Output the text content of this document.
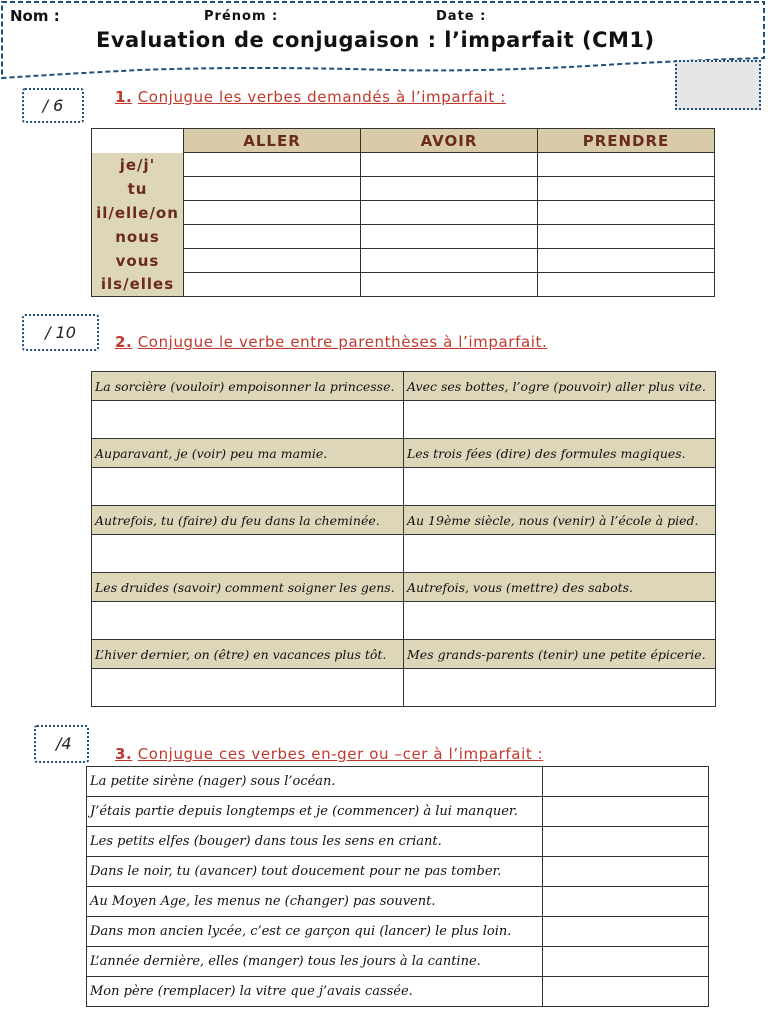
Nom :	Prénom :	Date :
Evaluation de conjugaison : l’imparfait (CM1)
/ 6	1. Conjugue les verbes demandés à l’imparfait :
	ALLER	AVOIR	PRENDRE
je/j'			
tu			
il/elle/on			
nous			
vous			
ils/elles			
/ 10	2. Conjugue le verbe entre parenthèses à l’imparfait.
La sorcière (vouloir) empoisonner la princesse.	Avec ses bottes, l’ogre (pouvoir) aller plus vite.

Auparavant, je (voir) peu ma mamie.	Les trois fées (dire) des formules magiques.

Autrefois, tu (faire) du feu dans la cheminée.	Au 19ème siècle, nous (venir) à l’école à pied.

Les druides (savoir) comment soigner les gens.	Autrefois, vous (mettre) des sabots.

L’hiver dernier, on (être) en vacances plus tôt.	Mes grands-parents (tenir) une petite épicerie.

/4
3. Conjugue ces verbes en-ger ou –cer à l’imparfait :
La petite sirène (nager) sous l’océan.	
J’étais partie depuis longtemps et je (commencer) à lui manquer.	
Les petits elfes (bouger) dans tous les sens en criant.	
Dans le noir, tu (avancer) tout doucement pour ne pas tomber.	
Au Moyen Age, les menus ne (changer) pas souvent.	
Dans mon ancien lycée, c’est ce garçon qui (lancer) le plus loin.	
L’année dernière, elles (manger) tous les jours à la cantine.	
Mon père (remplacer) la vitre que j’avais cassée.	
